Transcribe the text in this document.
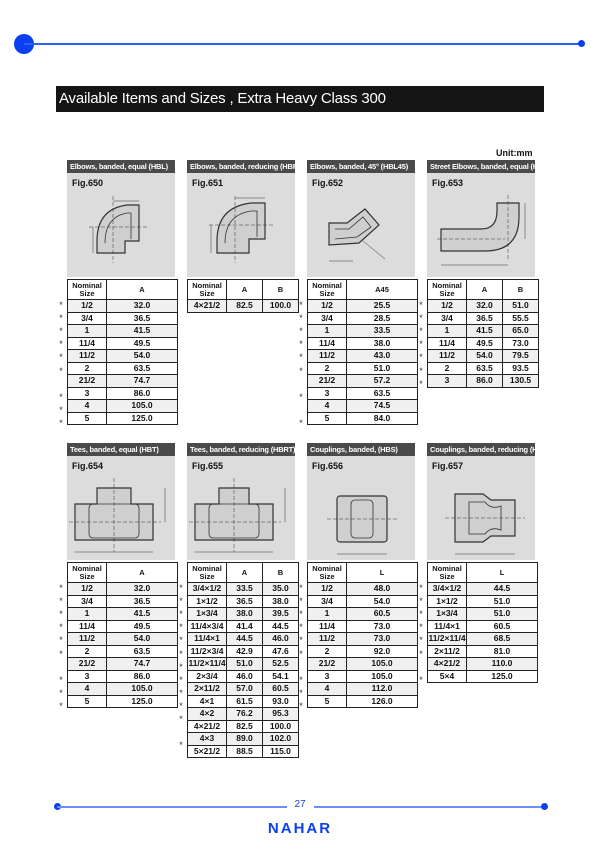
Available Items and Sizes , Extra Heavy Class 300
Unit:mm
Elbows, banded, equal (HBL)
Fig.650
Nominal
Size	A
1/2	32.0
3/4	36.5
1	41.5
11/4	49.5
11/2	54.0
2	63.5
21/2	74.7
3	86.0
4	105.0
5	125.0
*
*
*
*
*
*
*
*
*
Elbows, banded, reducing (HBRL)
Fig.651
Nominal
Size	A	B
4×21/2	82.5	100.0
Elbows, banded, 45° (HBL45)
Fig.652
Nominal
Size	A45
1/2	25.5
3/4	28.5
1	33.5
11/4	38.0
11/2	43.0
2	51.0
21/2	57.2
3	63.5
4	74.5
5	84.0
*
*
*
*
*
*
*
*
Street Elbows, banded, equal (HSL)
Fig.653
Nominal
Size	A	B
1/2	32.0	51.0
3/4	36.5	55.5
1	41.5	65.0
11/4	49.5	73.0
11/2	54.0	79.5
2	63.5	93.5
3	86.0	130.5
*
*
*
*
*
*
*
Tees, banded, equal (HBT)
Fig.654
Nominal
Size	A
1/2	32.0
3/4	36.5
1	41.5
11/4	49.5
11/2	54.0
2	63.5
21/2	74.7
3	86.0
4	105.0
5	125.0
*
*
*
*
*
*
*
*
*
Tees, banded, reducing (HBRT)
Fig.655
Nominal
Size	A	B
3/4×1/2	33.5	35.0
1×1/2	36.5	38.0
1×3/4	38.0	39.5
11/4×3/4	41.4	44.5
11/4×1	44.5	46.0
11/2×3/4	42.9	47.6
11/2×11/4	51.0	52.5
2×3/4	46.0	54.1
2×11/2	57.0	60.5
4×1	61.5	93.0
4×2	76.2	95.3
4×21/2	82.5	100.0
4×3	89.0	102.0
5×21/2	88.5	115.0
*
*
*
*
*
*
*
*
*
*
*
*
Couplings, banded, (HBS)
Fig.656
Nominal
Size	L
1/2	48.0
3/4	54.0
1	60.5
11/4	73.0
11/2	73.0
2	92.0
21/2	105.0
3	105.0
4	112.0
5	126.0
*
*
*
*
*
*
*
*
*
Couplings, banded, reducing (HBRS)
Fig.657
Nominal
Size	L
3/4×1/2	44.5
1×1/2	51.0
1×3/4	51.0
11/4×1	60.5
11/2×11/4	68.5
2×11/2	81.0
4×21/2	110.0
5×4	125.0
*
*
*
*
*
*
*
27
NAHAR
